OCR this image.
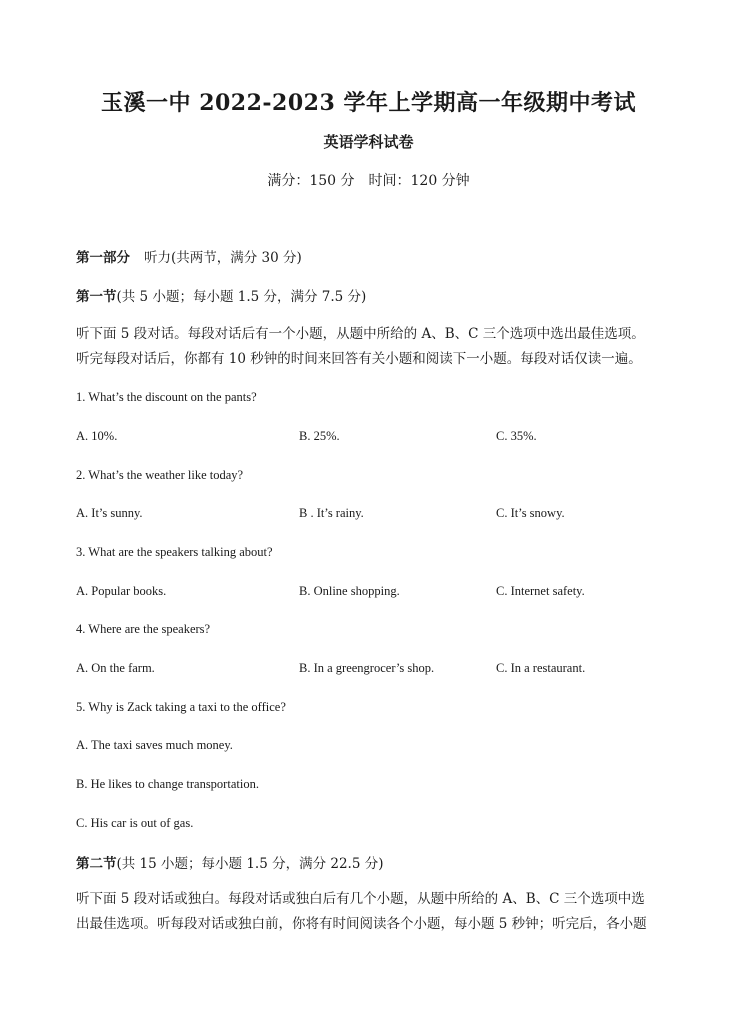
玉溪一中 2022-2023 学年上学期高一年级期中考试
英语学科试卷

满分：150 分　时间：120 分钟

第一部分 听力(共两节，满分 30 分)

第一节(共 5 小题；每小题 1.5 分，满分 7.5 分)

听下面 5 段对话。每段对话后有一个小题，从题中所给的 A、B、C 三个选项中选出最佳选项。
听完每段对话后，你都有 10 秒钟的时间来回答有关小题和阅读下一小题。每段对话仅读一遍。
1. What’s the discount on the pants?
A. 10%.	B. 25%.	C. 35%.
2. What’s the weather like today?
A. It’s sunny.	B . It’s rainy.	C. It’s snowy.
3. What are the speakers talking about?
A. Popular books.	B. Online shopping.	C. Internet safety.
4. Where are the speakers?
A. On the farm.	B. In a greengrocer’s shop.	C. In a restaurant.
5. Why is Zack taking a taxi to the office?
A. The taxi saves much money.
B. He likes to change transportation.
C. His car is out of gas.

第二节(共 15 小题；每小题 1.5 分，满分 22.5 分)

听下面 5 段对话或独白。每段对话或独白后有几个小题，从题中所给的 A、B、C 三个选项中选
出最佳选项。听每段对话或独白前，你将有时间阅读各个小题，每小题 5 秒钟；听完后，各小题
